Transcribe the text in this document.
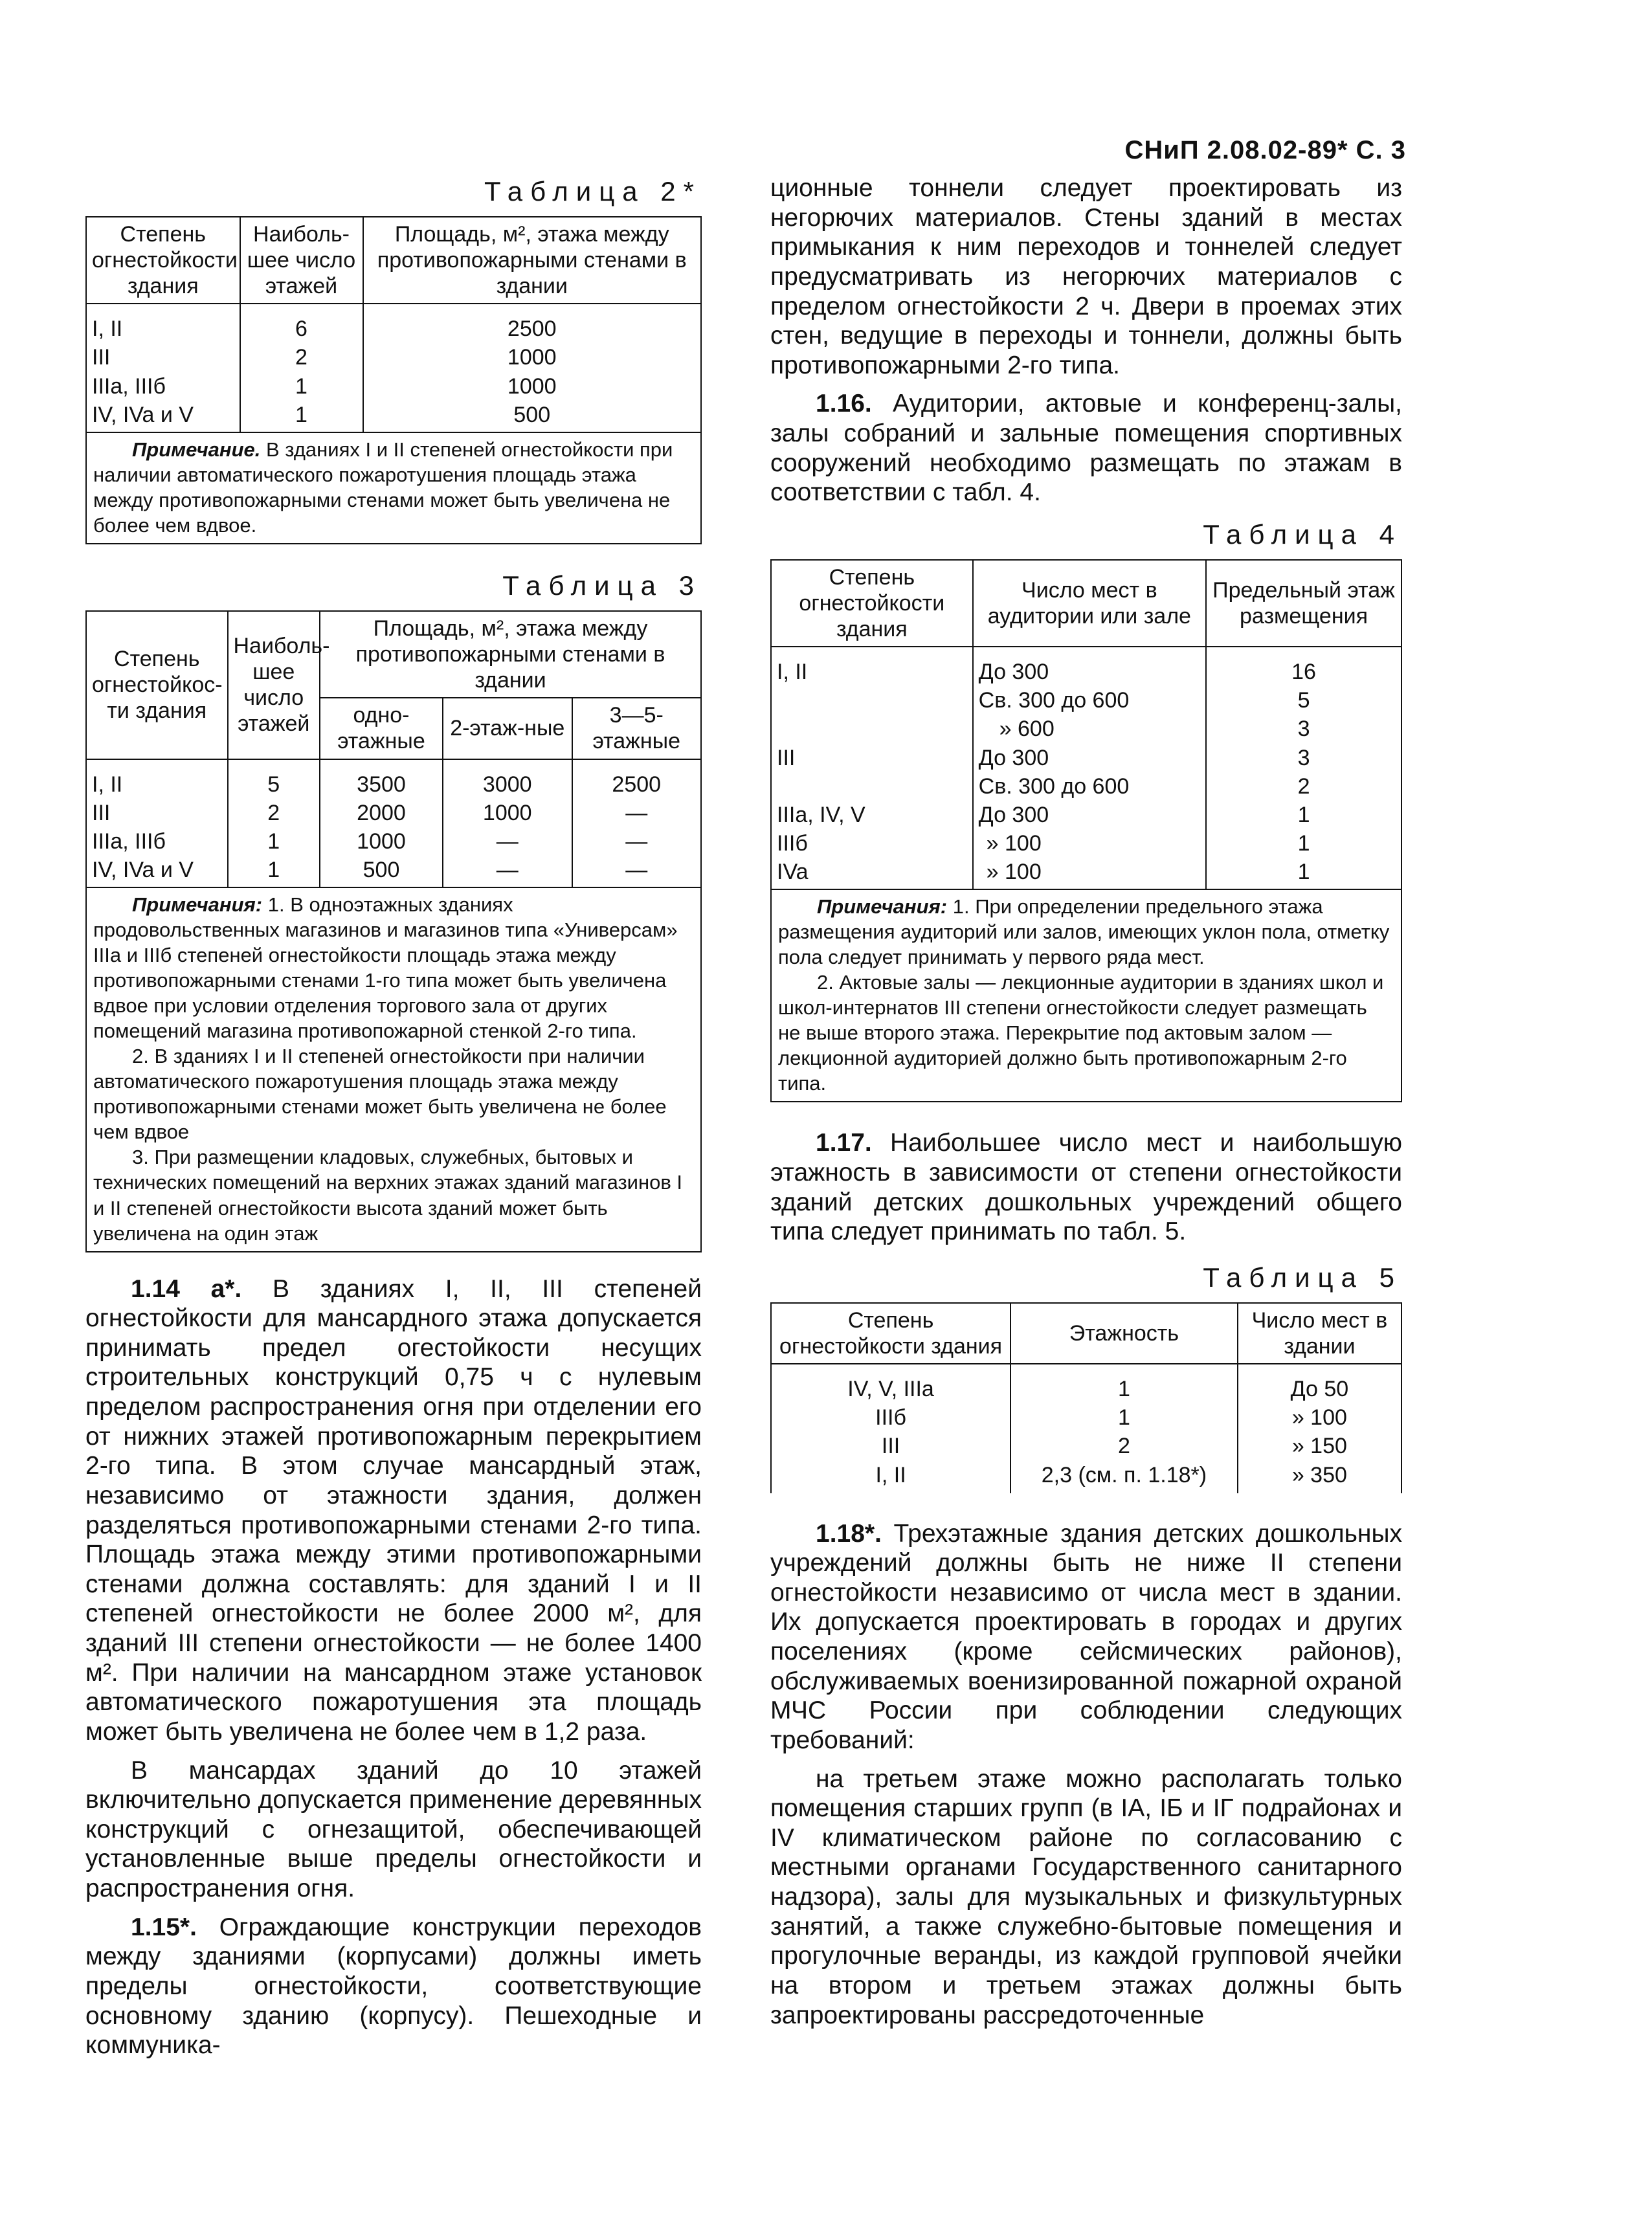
СНиП 2.08.02-89* С. 3
Таблица 2*
Степень огнестойкости здания	Наиболь-шее число этажей	Площадь, м², этажа между противопожарными стенами в здании
I, II	6	2500
III	2	1000
IIIa, IIIб	1	1000
IV, IVa и V	1	500

Примечание. В зданиях I и II степеней огнестойкости при наличии автоматического пожаротушения площадь этажа между противопожарными стенами может быть увеличена не более чем вдвое.

Таблица 3
Степень огнестойкос-ти здания	Наиболь-шее число этажей	Площадь, м², этажа между противопожарными стенами в здании		
		одно-этажные	2-этаж-ные	3—5-этажные
I, II	5	3500	3000	2500
III	2	2000	1000	—
IIIa, IIIб	1	1000	—	—
IV, IVa и V	1	500	—	—

Примечания: 1. В одноэтажных зданиях продовольственных магазинов и магазинов типа «Универсам» IIIa и IIIб степеней огнестойкости площадь этажа между противопожарными стенами 1-го типа может быть увеличена вдвое при условии отделения торгового зала от других помещений магазина противопожарной стенкой 2-го типа.

2. В зданиях I и II степеней огнестойкости при наличии автоматического пожаротушения площадь этажа между противопожарными стенами может быть увеличена не более чем вдвое

3. При размещении кладовых, служебных, бытовых и технических помещений на верхних этажах зданий магазинов I и II степеней огнестойкости высота зданий может быть увеличена на один этаж

1.14 а*. В зданиях I, II, III степеней огнестойкости для мансардного этажа допускается принимать предел огестойкости несущих строительных конструкций 0,75 ч с нулевым пределом распространения огня при отделении его от нижних этажей противопожарным перекрытием 2-го типа. В этом случае мансардный этаж, независимо от этажности здания, должен разделяться противопожарными стенами 2-го типа. Площадь этажа между этими противопожарными стенами должна составлять: для зданий I и II степеней огнестойкости не более 2000 м², для зданий III степени огнестойкости — не более 1400 м². При наличии на мансардном этаже установок автоматического пожаротушения эта площадь может быть увеличена не более чем в 1,2 раза.

В мансардах зданий до 10 этажей включительно допускается применение деревянных конструкций с огнезащитой, обеспечивающей установленные выше пределы огнестойкости и распространения огня.

1.15*. Ограждающие конструкции переходов между зданиями (корпусами) должны иметь пределы огнестойкости, соответствующие основному зданию (корпусу). Пешеходные и коммуника-

ционные тоннели следует проектировать из негорючих материалов. Стены зданий в местах примыкания к ним переходов и тоннелей следует предусматривать из негорючих материалов с пределом огнестойкости 2 ч. Двери в проемах этих стен, ведущие в переходы и тоннели, должны быть противопожарными 2-го типа.

1.16. Аудитории, актовые и конференц-залы, залы собраний и зальные помещения спортивных сооружений необходимо размещать по этажам в соответствии с табл. 4.

Таблица 4
Степень огнестойкости здания	Число мест в аудитории или зале	Предельный этаж размещения
I, II	До 300	16
	Св. 300 до 600	5
	» 600	3
III	До 300	3
	Св. 300 до 600	2
IIIa, IV, V	До 300	1
IIIб	» 100	1
IVa	» 100	1

Примечания: 1. При определении предельного этажа размещения аудиторий или залов, имеющих уклон пола, отметку пола следует принимать у первого ряда мест.

2. Актовые залы — лекционные аудитории в зданиях школ и школ-интернатов III степени огнестойкости следует размещать не выше второго этажа. Перекрытие под актовым залом — лекционной аудиторией должно быть противопожарным 2-го типа.

1.17. Наибольшее число мест и наибольшую этажность в зависимости от степени огнестойкости зданий детских дошкольных учреждений общего типа следует принимать по табл. 5.

Таблица 5
Степень огнестойкости здания	Этажность	Число мест в здании
IV, V, IIIa	1	До 50
IIIб	1	» 100
III	2	» 150
I, II	2,3 (см. п. 1.18*)	» 350

1.18*. Трехэтажные здания детских дошкольных учреждений должны быть не ниже II степени огнестойкости независимо от числа мест в здании. Их допускается проектировать в городах и других поселениях (кроме сейсмических районов), обслуживаемых военизированной пожарной охраной МЧС России при соблюдении следующих требований:

на третьем этаже можно располагать только помещения старших групп (в IA, IБ и IГ подрайонах и IV климатическом районе по согласованию с местными органами Государственного санитарного надзора), залы для музыкальных и физкультурных занятий, а также служебно-бытовые помещения и прогулочные веранды, из каждой групповой ячейки на втором и третьем этажах должны быть запроектированы рассредоточенные
